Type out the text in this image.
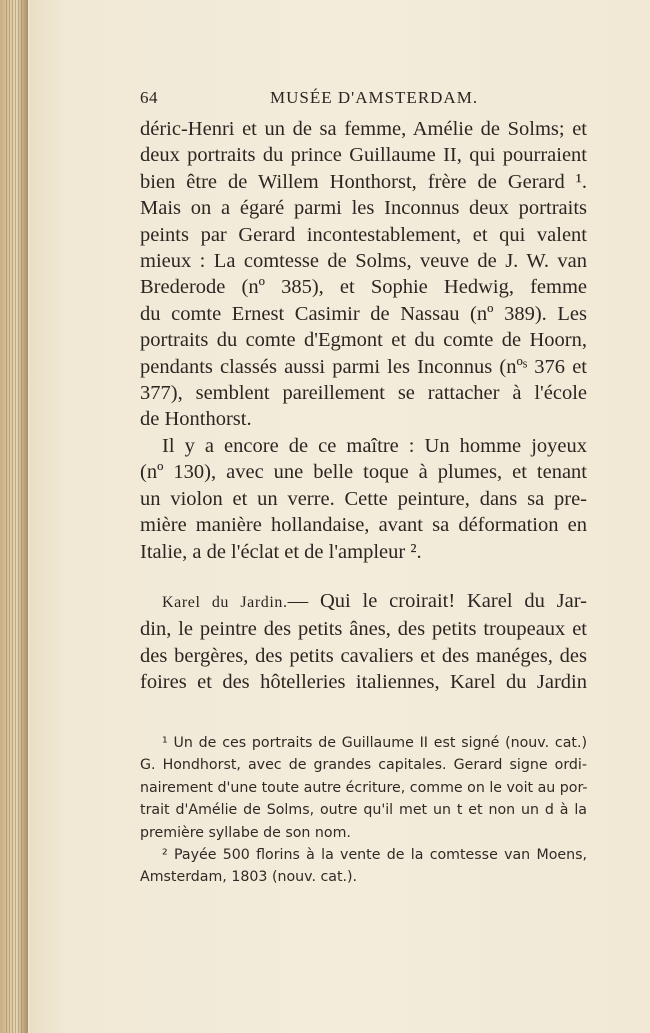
64	MUSÉE D'AMSTERDAM.
déric-Henri et un de sa femme, Amélie de Solms; et
deux portraits du prince Guillaume II, qui pourraient
bien être de Willem Honthorst, frère de Gerard ¹.
Mais on a égaré parmi les Inconnus deux portraits
peints par Gerard incontestablement, et qui valent
mieux : La comtesse de Solms, veuve de J. W. van
Brederode (nº 385), et Sophie Hedwig, femme
du comte Ernest Casimir de Nassau (nº 389). Les
portraits du comte d'Egmont et du comte de Hoorn,
pendants classés aussi parmi les Inconnus (nºˢ 376 et
377), semblent pareillement se rattacher à l'école
de Honthorst.
Il y a encore de ce maître : Un homme joyeux
(nº 130), avec une belle toque à plumes, et tenant
un violon et un verre. Cette peinture, dans sa pre-
mière manière hollandaise, avant sa déformation en
Italie, a de l'éclat et de l'ampleur ².
Karel du Jardin.— Qui le croirait! Karel du Jar-
din, le peintre des petits ânes, des petits troupeaux et
des bergères, des petits cavaliers et des manéges, des
foires et des hôtelleries italiennes, Karel du Jardin
¹ Un de ces portraits de Guillaume II est signé (nouv. cat.)
G. Hondhorst, avec de grandes capitales. Gerard signe ordi-
nairement d'une toute autre écriture, comme on le voit au por-
trait d'Amélie de Solms, outre qu'il met un t et non un d à la
première syllabe de son nom.
² Payée 500 florins à la vente de la comtesse van Moens,
Amsterdam, 1803 (nouv. cat.).
